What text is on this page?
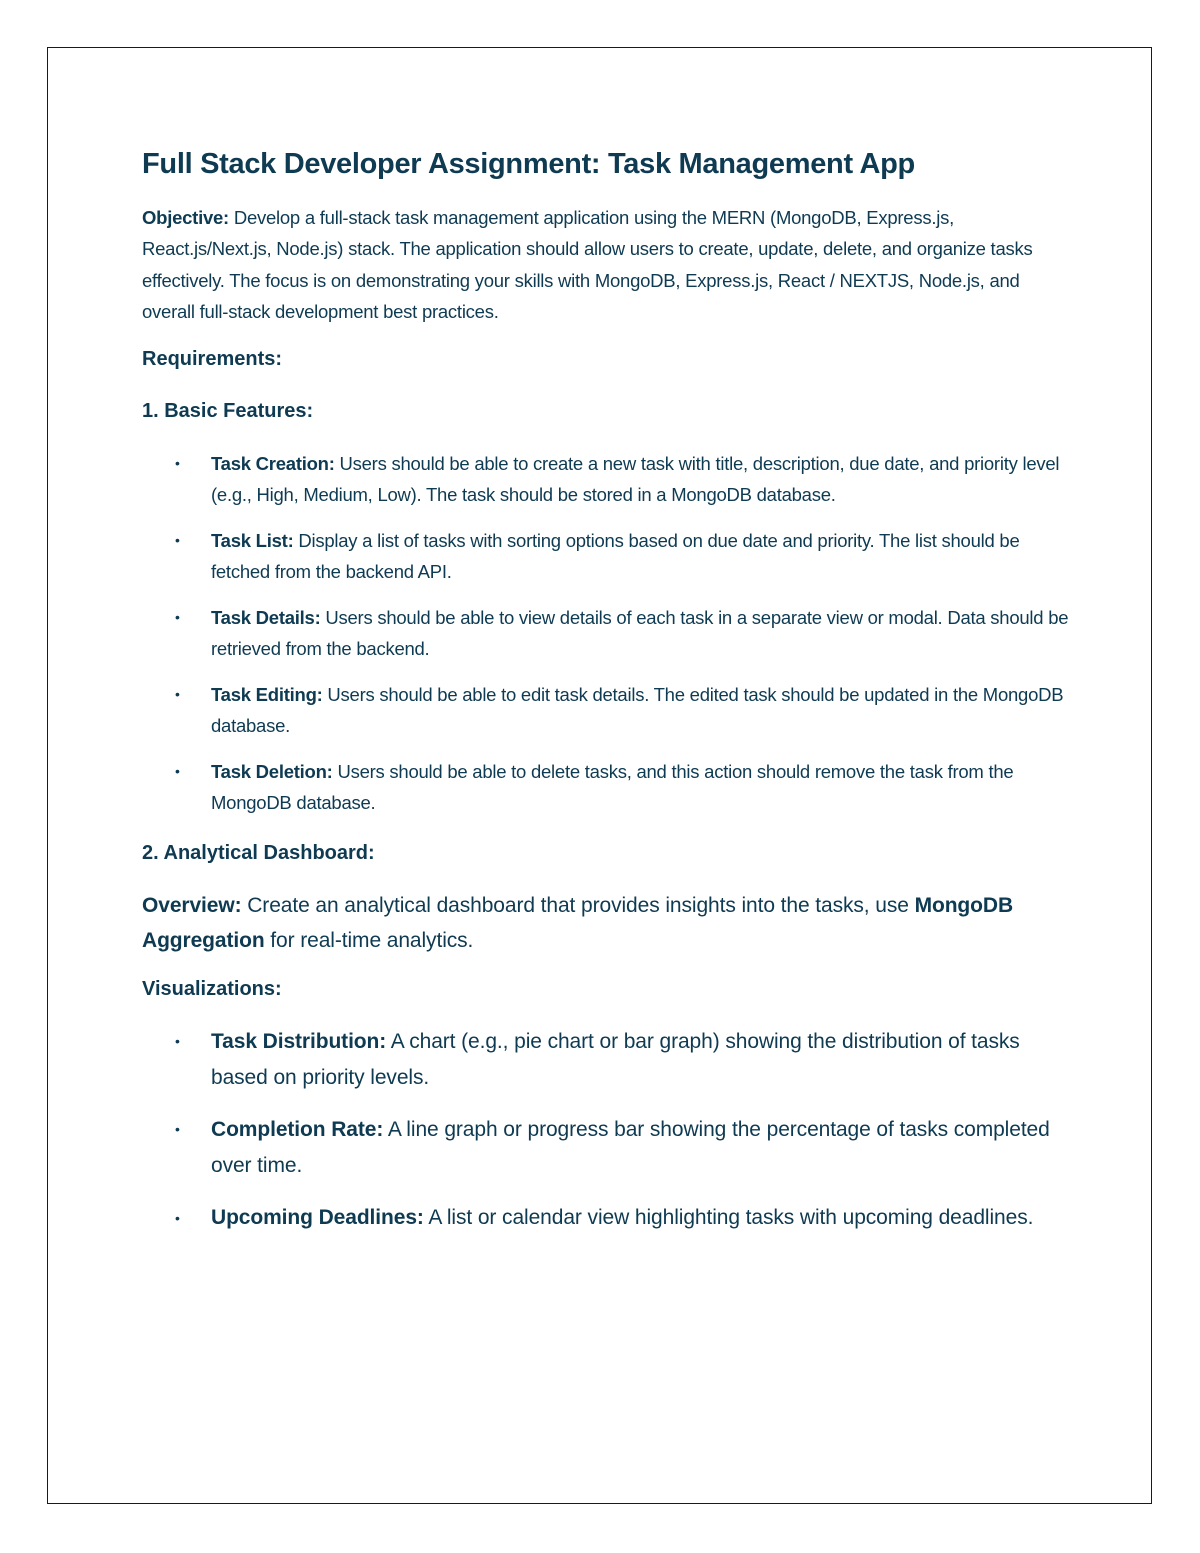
Full Stack Developer Assignment: Task Management App

Objective: Develop a full-stack task management application using the MERN (MongoDB, Express.js, React.js/Next.js, Node.js) stack. The application should allow users to create, update, delete, and organize tasks effectively. The focus is on demonstrating your skills with MongoDB, Express.js, React / NEXTJS, Node.js, and overall full-stack development best practices.

Requirements:

1. Basic Features:

• Task Creation: Users should be able to create a new task with title, description, due date, and priority level (e.g., High, Medium, Low). The task should be stored in a MongoDB database.
• Task List: Display a list of tasks with sorting options based on due date and priority. The list should be fetched from the backend API.
• Task Details: Users should be able to view details of each task in a separate view or modal. Data should be retrieved from the backend.
• Task Editing: Users should be able to edit task details. The edited task should be updated in the MongoDB database.
• Task Deletion: Users should be able to delete tasks, and this action should remove the task from the MongoDB database.

2. Analytical Dashboard:

Overview: Create an analytical dashboard that provides insights into the tasks, use MongoDB Aggregation for real-time analytics.

Visualizations:

• Task Distribution: A chart (e.g., pie chart or bar graph) showing the distribution of tasks based on priority levels.
• Completion Rate: A line graph or progress bar showing the percentage of tasks completed over time.
• Upcoming Deadlines: A list or calendar view highlighting tasks with upcoming deadlines.
